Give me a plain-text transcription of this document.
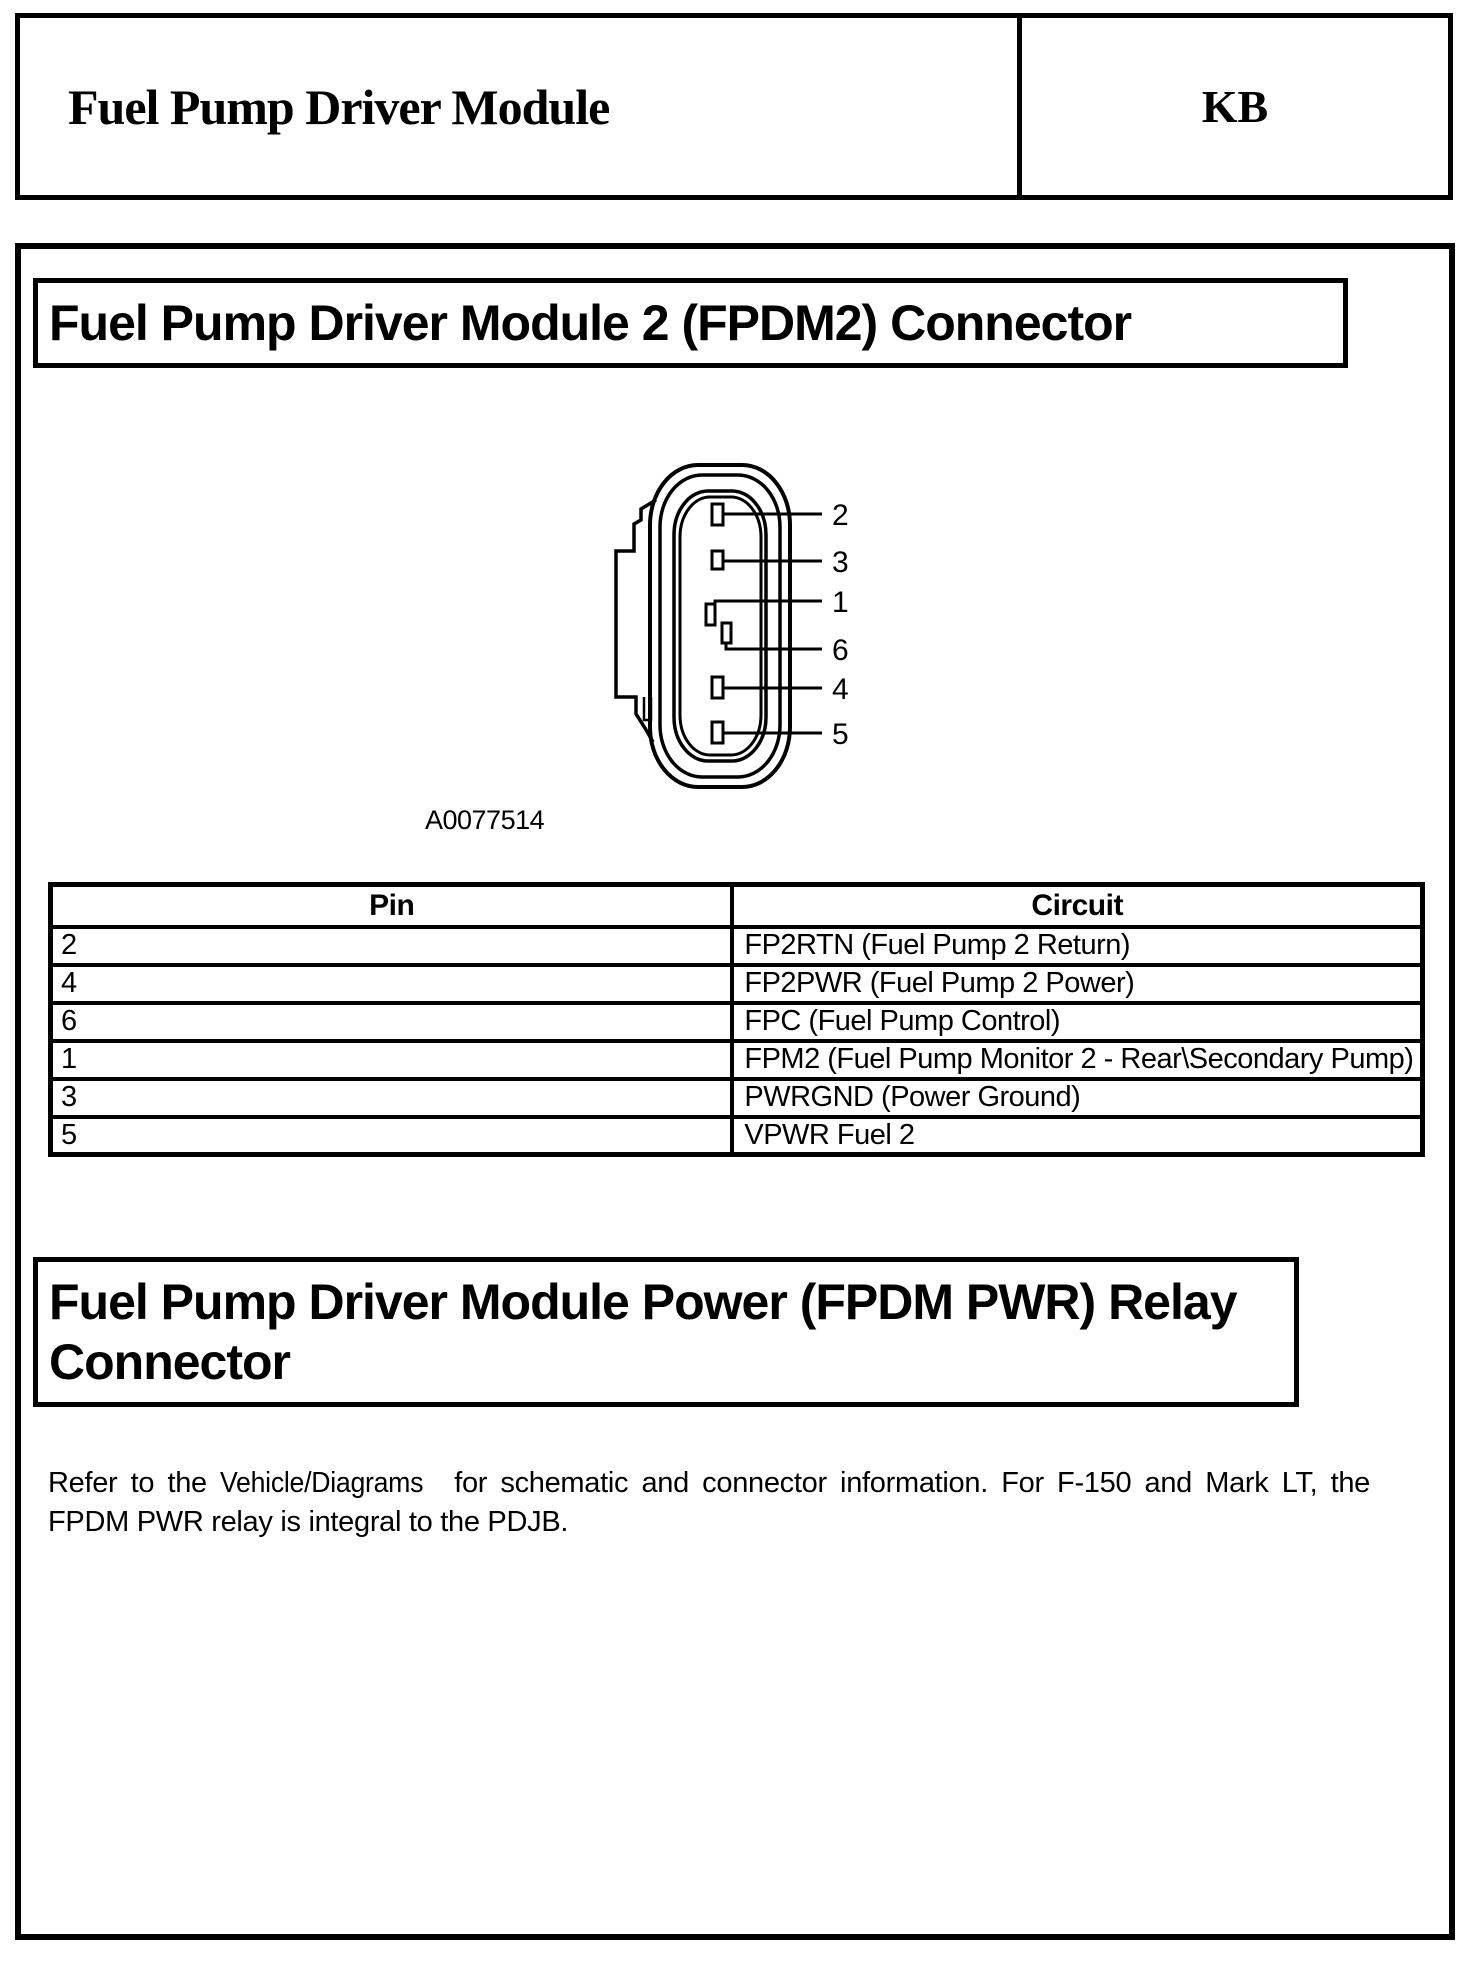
Fuel Pump Driver Module	KB
Fuel Pump Driver Module 2 (FPDM2) Connector
2
3
1
6
4
5
A0077514
Pin	Circuit
2	FP2RTN (Fuel Pump 2 Return)
4	FP2PWR (Fuel Pump 2 Power)
6	FPC (Fuel Pump Control)
1	FPM2 (Fuel Pump Monitor 2 - Rear\Secondary Pump)
3	PWRGND (Power Ground)
5	VPWR Fuel 2
Fuel Pump Driver Module Power (FPDM PWR) Relay Connector

Refer to the Vehicle/Diagrams for schematic and connector information. For F-150 and Mark LT, the FPDM PWR relay is integral to the PDJB.
